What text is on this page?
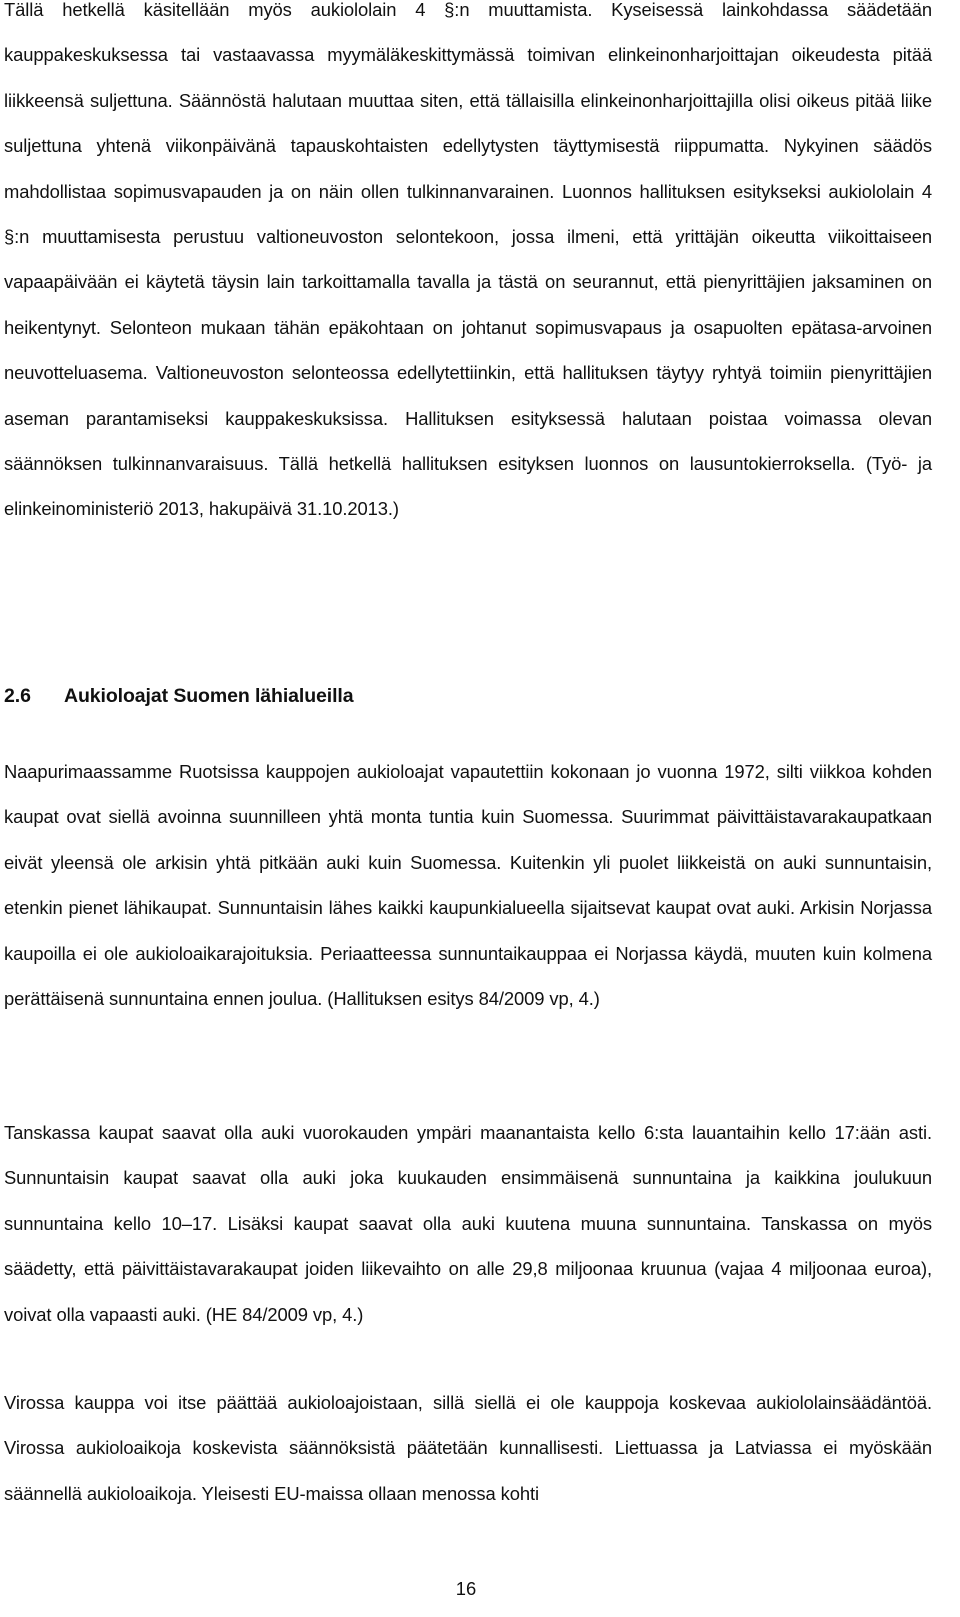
Tällä hetkellä käsitellään myös aukiololain 4 §:n muuttamista. Kyseisessä lainkohdassa säädetään kauppakeskuksessa tai vastaavassa myymäläkeskittymässä toimivan elinkeinonharjoittajan oikeudesta pitää liikkeensä suljettuna. Säännöstä halutaan muuttaa siten, että tällaisilla elinkeinonharjoittajilla olisi oikeus pitää liike suljettuna yhtenä viikonpäivänä tapauskohtaisten edellytysten täyttymisestä riippumatta. Nykyinen säädös mahdollistaa sopimusvapauden ja on näin ollen tulkinnanvarainen. Luonnos hallituksen esitykseksi aukiololain 4 §:n muuttamisesta perustuu valtioneuvoston selontekoon, jossa ilmeni, että yrittäjän oikeutta viikoittaiseen vapaapäivään ei käytetä täysin lain tarkoittamalla tavalla ja tästä on seurannut, että pienyrittäjien jaksaminen on heikentynyt. Selonteon mukaan tähän epäkohtaan on johtanut sopimusvapaus ja osapuolten epätasa-arvoinen neuvotteluasema. Valtioneuvoston selonteossa edellytettiinkin, että hallituksen täytyy ryhtyä toimiin pienyrittäjien aseman parantamiseksi kauppakeskuksissa. Hallituksen esityksessä halutaan poistaa voimassa olevan säännöksen tulkinnanvaraisuus. Tällä hetkellä hallituksen esityksen luonnos on lausuntokierroksella. (Työ- ja elinkeinoministeriö 2013, hakupäivä 31.10.2013.)

2.6 Aukioloajat Suomen lähialueilla

Naapurimaassamme Ruotsissa kauppojen aukioloajat vapautettiin kokonaan jo vuonna 1972, silti viikkoa kohden kaupat ovat siellä avoinna suunnilleen yhtä monta tuntia kuin Suomessa. Suurimmat päivittäistavarakaupatkaan eivät yleensä ole arkisin yhtä pitkään auki kuin Suomessa. Kuitenkin yli puolet liikkeistä on auki sunnuntaisin, etenkin pienet lähikaupat. Sunnuntaisin lähes kaikki kaupunkialueella sijaitsevat kaupat ovat auki. Arkisin Norjassa kaupoilla ei ole aukioloaikarajoituksia. Periaatteessa sunnuntaikauppaa ei Norjassa käydä, muuten kuin kolmena perättäisenä sunnuntaina ennen joulua. (Hallituksen esitys 84/2009 vp, 4.)

Tanskassa kaupat saavat olla auki vuorokauden ympäri maanantaista kello 6:sta lauantaihin kello 17:ään asti. Sunnuntaisin kaupat saavat olla auki joka kuukauden ensimmäisenä sunnuntaina ja kaikkina joulukuun sunnuntaina kello 10–17. Lisäksi kaupat saavat olla auki kuutena muuna sunnuntaina. Tanskassa on myös säädetty, että päivittäistavarakaupat joiden liikevaihto on alle 29,8 miljoonaa kruunua (vajaa 4 miljoonaa euroa), voivat olla vapaasti auki. (HE 84/2009 vp, 4.)

Virossa kauppa voi itse päättää aukioloajoistaan, sillä siellä ei ole kauppoja koskevaa aukiololainsäädäntöä. Virossa aukioloaikoja koskevista säännöksistä päätetään kunnallisesti. Liettuassa ja Latviassa ei myöskään säännellä aukioloaikoja. Yleisesti EU-maissa ollaan menossa kohti

16
